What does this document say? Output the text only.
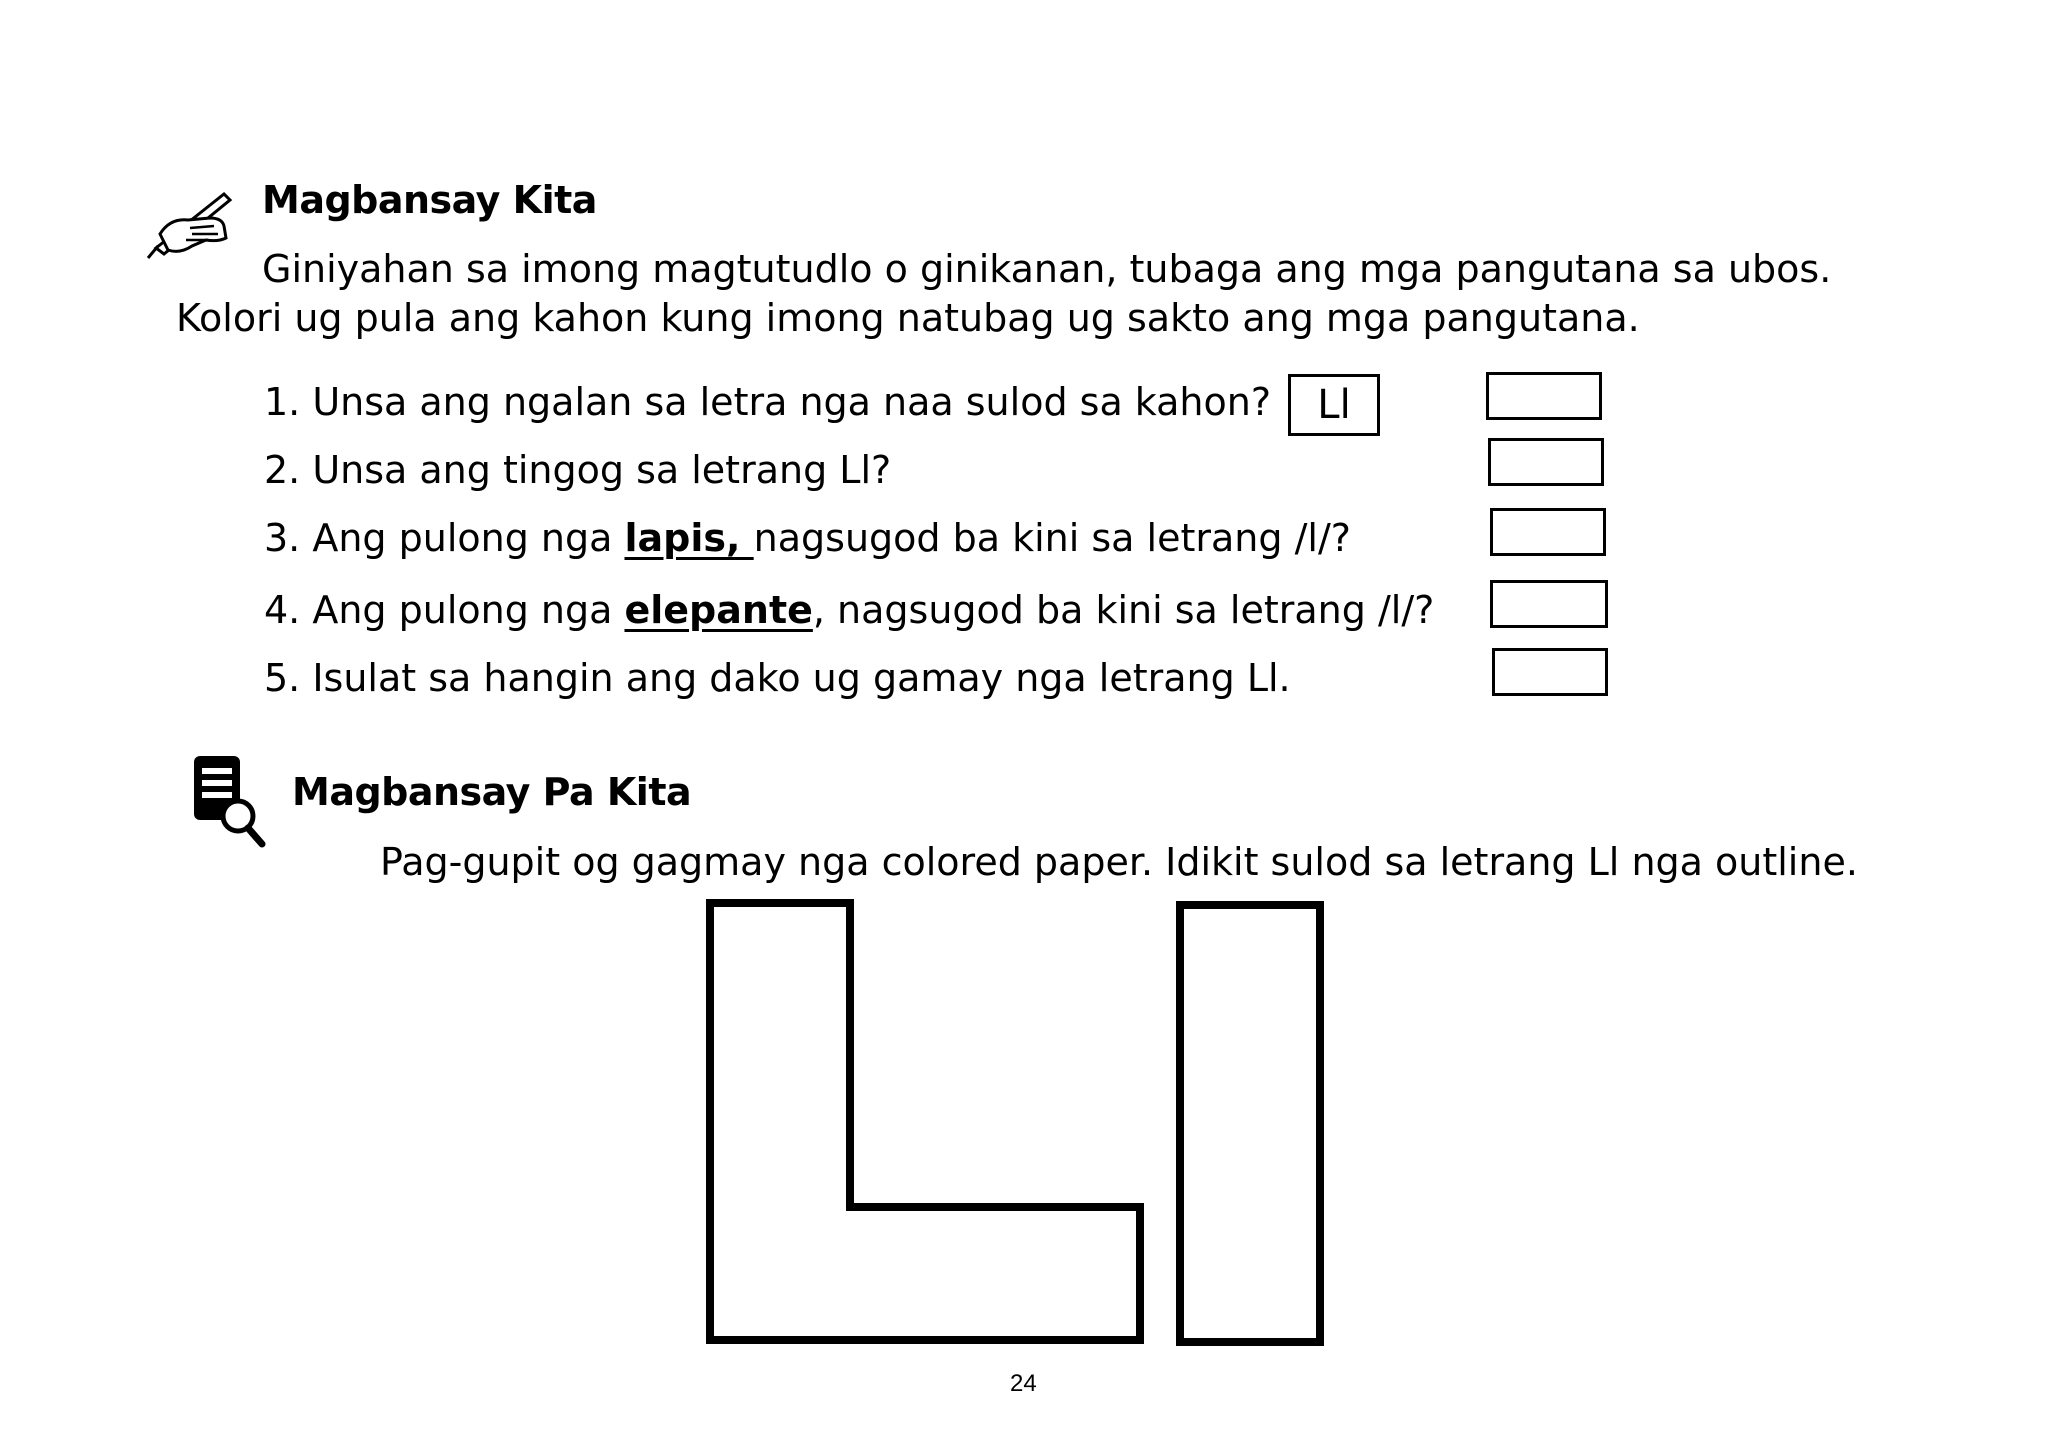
Magbansay Kita
Giniyahan sa imong magtutudlo o ginikanan, tubaga ang mga pangutana sa ubos.
Kolori ug pula ang kahon kung imong natubag ug sakto ang mga pangutana.
1. Unsa ang ngalan sa letra nga naa sulod sa kahon?	Ll
2. Unsa ang tingog sa letrang Ll?
3. Ang pulong nga lapis, nagsugod ba kini sa letrang /l/?
4. Ang pulong nga elepante, nagsugod ba kini sa letrang /l/?
5. Isulat sa hangin ang dako ug gamay nga letrang Ll.
Magbansay Pa Kita
Pag-gupit og gagmay nga colored paper. Idikit sulod sa letrang Ll nga outline.
24
